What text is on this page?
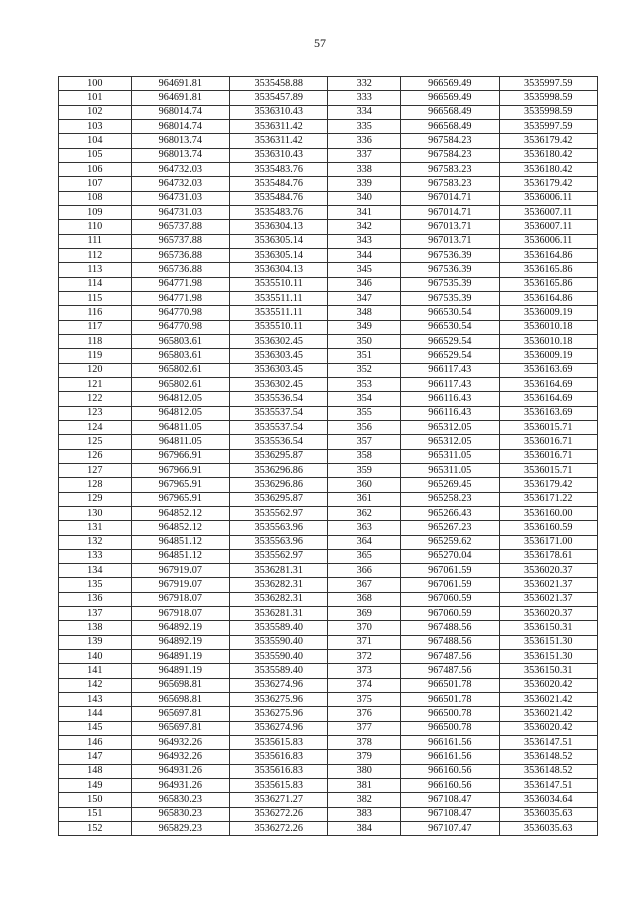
57
100	964691.81	3535458.88	332	966569.49	3535997.59
101	964691.81	3535457.89	333	966569.49	3535998.59
102	968014.74	3536310.43	334	966568.49	3535998.59
103	968014.74	3536311.42	335	966568.49	3535997.59
104	968013.74	3536311.42	336	967584.23	3536179.42
105	968013.74	3536310.43	337	967584.23	3536180.42
106	964732.03	3535483.76	338	967583.23	3536180.42
107	964732.03	3535484.76	339	967583.23	3536179.42
108	964731.03	3535484.76	340	967014.71	3536006.11
109	964731.03	3535483.76	341	967014.71	3536007.11
110	965737.88	3536304.13	342	967013.71	3536007.11
111	965737.88	3536305.14	343	967013.71	3536006.11
112	965736.88	3536305.14	344	967536.39	3536164.86
113	965736.88	3536304.13	345	967536.39	3536165.86
114	964771.98	3535510.11	346	967535.39	3536165.86
115	964771.98	3535511.11	347	967535.39	3536164.86
116	964770.98	3535511.11	348	966530.54	3536009.19
117	964770.98	3535510.11	349	966530.54	3536010.18
118	965803.61	3536302.45	350	966529.54	3536010.18
119	965803.61	3536303.45	351	966529.54	3536009.19
120	965802.61	3536303.45	352	966117.43	3536163.69
121	965802.61	3536302.45	353	966117.43	3536164.69
122	964812.05	3535536.54	354	966116.43	3536164.69
123	964812.05	3535537.54	355	966116.43	3536163.69
124	964811.05	3535537.54	356	965312.05	3536015.71
125	964811.05	3535536.54	357	965312.05	3536016.71
126	967966.91	3536295.87	358	965311.05	3536016.71
127	967966.91	3536296.86	359	965311.05	3536015.71
128	967965.91	3536296.86	360	965269.45	3536179.42
129	967965.91	3536295.87	361	965258.23	3536171.22
130	964852.12	3535562.97	362	965266.43	3536160.00
131	964852.12	3535563.96	363	965267.23	3536160.59
132	964851.12	3535563.96	364	965259.62	3536171.00
133	964851.12	3535562.97	365	965270.04	3536178.61
134	967919.07	3536281.31	366	967061.59	3536020.37
135	967919.07	3536282.31	367	967061.59	3536021.37
136	967918.07	3536282.31	368	967060.59	3536021.37
137	967918.07	3536281.31	369	967060.59	3536020.37
138	964892.19	3535589.40	370	967488.56	3536150.31
139	964892.19	3535590.40	371	967488.56	3536151.30
140	964891.19	3535590.40	372	967487.56	3536151.30
141	964891.19	3535589.40	373	967487.56	3536150.31
142	965698.81	3536274.96	374	966501.78	3536020.42
143	965698.81	3536275.96	375	966501.78	3536021.42
144	965697.81	3536275.96	376	966500.78	3536021.42
145	965697.81	3536274.96	377	966500.78	3536020.42
146	964932.26	3535615.83	378	966161.56	3536147.51
147	964932.26	3535616.83	379	966161.56	3536148.52
148	964931.26	3535616.83	380	966160.56	3536148.52
149	964931.26	3535615.83	381	966160.56	3536147.51
150	965830.23	3536271.27	382	967108.47	3536034.64
151	965830.23	3536272.26	383	967108.47	3536035.63
152	965829.23	3536272.26	384	967107.47	3536035.63
